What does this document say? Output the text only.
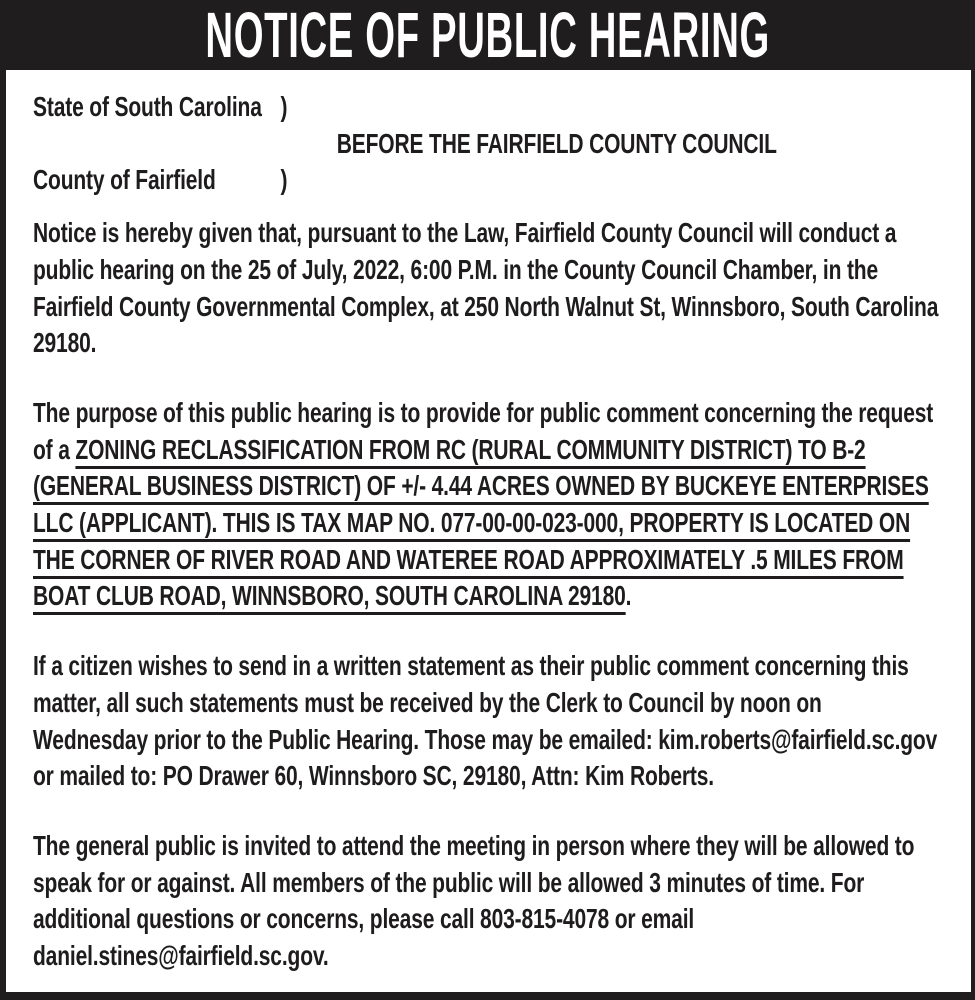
NOTICE OF PUBLIC HEARING
State of South Carolina )
BEFORE THE FAIRFIELD COUNTY COUNCIL
County of Fairfield	)

Notice is hereby given that, pursuant to the Law, Fairfield County Council will conduct a public hearing on the 25 of July, 2022, 6:00 P.M. in the County Council Chamber, in the Fairfield County Governmental Complex, at 250 North Walnut St, Winnsboro, South Carolina 29180.

The purpose of this public hearing is to provide for public comment concerning the request of a ZONING RECLASSIFICATION FROM RC (RURAL COMMUNITY DISTRICT) TO B-2 (GENERAL BUSINESS DISTRICT) OF +/- 4.44 ACRES OWNED BY BUCKEYE ENTERPRISES LLC (APPLICANT). THIS IS TAX MAP NO. 077-00-00-023-000, PROPERTY IS LOCATED ON THE CORNER OF RIVER ROAD AND WATEREE ROAD APPROXIMATELY .5 MILES FROM BOAT CLUB ROAD, WINNSBORO, SOUTH CAROLINA 29180.

If a citizen wishes to send in a written statement as their public comment concerning this matter, all such statements must be received by the Clerk to Council by noon on Wednesday prior to the Public Hearing. Those may be emailed: kim.roberts@fairfield.sc.gov or mailed to: PO Drawer 60, Winnsboro SC, 29180, Attn: Kim Roberts.

The general public is invited to attend the meeting in person where they will be allowed to speak for or against. All members of the public will be allowed 3 minutes of time. For additional questions or concerns, please call 803-815-4078 or email daniel.stines@fairfield.sc.gov.
